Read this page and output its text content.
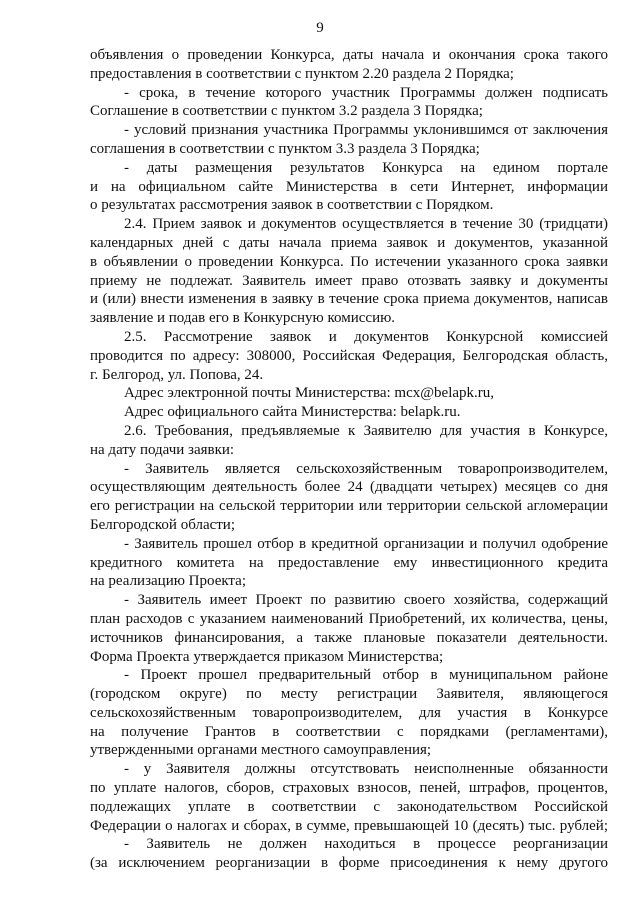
9
объявления о проведении Конкурса, даты начала и окончания срока такого
предоставления в соответствии с пунктом 2.20 раздела 2 Порядка;
- срока, в течение которого участник Программы должен подписать
Соглашение в соответствии с пунктом 3.2 раздела 3 Порядка;
- условий признания участника Программы уклонившимся от заключения
соглашения в соответствии с пунктом 3.3 раздела 3 Порядка;
- даты размещения результатов Конкурса на едином портале
и на официальном сайте Министерства в сети Интернет, информации
о результатах рассмотрения заявок в соответствии с Порядком.
2.4. Прием заявок и документов осуществляется в течение 30 (тридцати)
календарных дней с даты начала приема заявок и документов, указанной
в объявлении о проведении Конкурса. По истечении указанного срока заявки
приему не подлежат. Заявитель имеет право отозвать заявку и документы
и (или) внести изменения в заявку в течение срока приема документов, написав
заявление и подав его в Конкурсную комиссию.
2.5. Рассмотрение заявок и документов Конкурсной комиссией
проводится по адресу: 308000, Российская Федерация, Белгородская область,
г. Белгород, ул. Попова, 24.
Адрес электронной почты Министерства: mcx@belapk.ru,
Адрес официального сайта Министерства: belapk.ru.
2.6. Требования, предъявляемые к Заявителю для участия в Конкурсе,
на дату подачи заявки:
- Заявитель является сельскохозяйственным товаропроизводителем,
осуществляющим деятельность более 24 (двадцати четырех) месяцев со дня
его регистрации на сельской территории или территории сельской агломерации
Белгородской области;
- Заявитель прошел отбор в кредитной организации и получил одобрение
кредитного комитета на предоставление ему инвестиционного кредита
на реализацию Проекта;
- Заявитель имеет Проект по развитию своего хозяйства, содержащий
план расходов с указанием наименований Приобретений, их количества, цены,
источников финансирования, а также плановые показатели деятельности.
Форма Проекта утверждается приказом Министерства;
- Проект прошел предварительный отбор в муниципальном районе
(городском округе) по месту регистрации Заявителя, являющегося
сельскохозяйственным товаропроизводителем, для участия в Конкурсе
на получение Грантов в соответствии с порядками (регламентами),
утвержденными органами местного самоуправления;
- у Заявителя должны отсутствовать неисполненные обязанности
по уплате налогов, сборов, страховых взносов, пеней, штрафов, процентов,
подлежащих уплате в соответствии с законодательством Российской
Федерации о налогах и сборах, в сумме, превышающей 10 (десять) тыс. рублей;
- Заявитель не должен находиться в процессе реорганизации
(за исключением реорганизации в форме присоединения к нему другого
